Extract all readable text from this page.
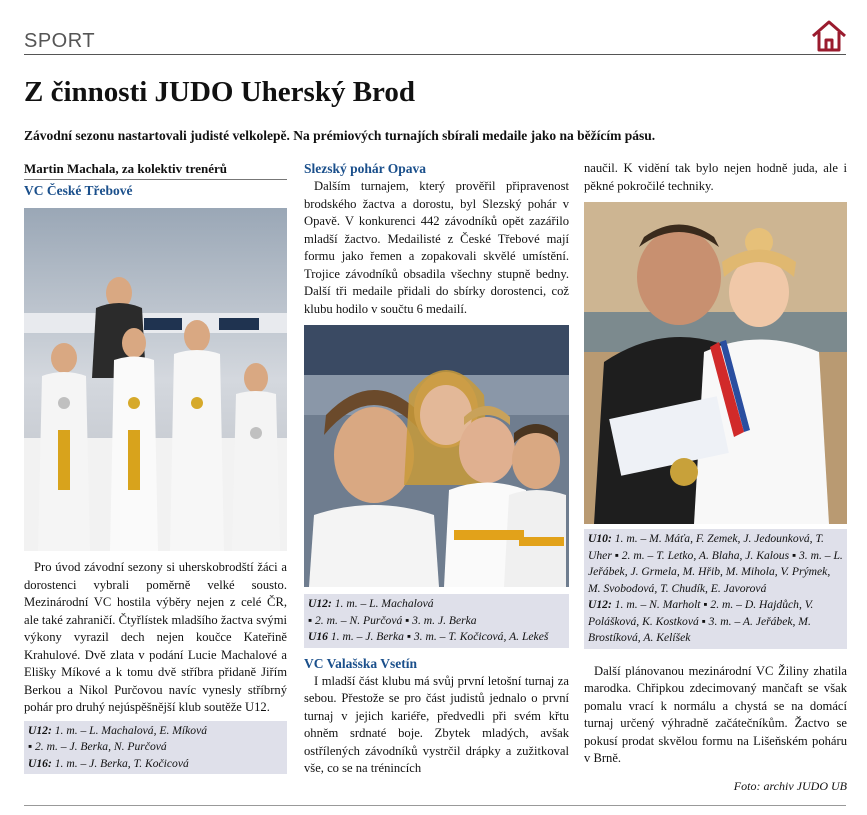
SPORT
Z činnosti JUDO Uherský Brod
Závodní sezonu nastartovali judisté velkolepě. Na prémiových turnajích sbírali medaile jako na běžícím pásu.
Martin Machala, za kolektiv trenérů
VC České Třebové

Pro úvod závodní sezony si uherskobrodští žáci a dorostenci vybrali poměrně velké sousto. Mezinárodní VC hostila výběry nejen z celé ČR, ale také zahraničí. Čtyřlístek mladšího žactva svými výkony vyrazil dech nejen koučce Kateřině Krahulové. Dvě zlata v podání Lucie Machalové a Elišky Míkové a k tomu dvě stříbra přidaně Jiřím Berkou a Nikol Purčovou navíc vynesly stříbrný pohár pro druhý nejúspěšnější klub soutěže U12.

U12: 1. m. – L. Machalová, E. Míková
▪ 2. m. – J. Berka, N. Purčová
U16: 1. m. – J. Berka, T. Kočicová
Slezský pohár Opava

Dalším turnajem, který prověřil připravenost brodského žactva a dorostu, byl Slezský pohár v Opavě. V konkurenci 442 závodníků opět zazářilo mladší žactvo. Medailisté z České Třebové mají formu jako řemen a zopakovali skvělé umístění. Trojice závodníků obsadila všechny stupně bedny. Další tři medaile přidali do sbírky dorostenci, což klubu hodilo v součtu 6 medailí.

U12: 1. m. – L. Machalová
▪ 2. m. – N. Purčová ▪ 3. m. J. Berka
U16 1. m. – J. Berka ▪ 3. m. – T. Kočicová, A. Lekeš
VC Valašska Vsetín

I mladší část klubu má svůj první letošní turnaj za sebou. Přestože se pro část judistů jednalo o první turnaj v jejich kariéře, předvedli při svém křtu ohněm srdnaté boje. Zbytek mladých, avšak ostřílených závodníků vystrčil drápky a zužitkoval vše, co se na trénincích

naučil. K vidění tak bylo nejen hodně juda, ale i pěkné pokročilé techniky.

U10: 1. m. – M. Máťa, F. Zemek, J. Jedounková, T. Uher ▪ 2. m. – T. Letko, A. Blaha, J. Kalous ▪ 3. m. – L. Jeřábek, J. Grmela, M. Hřib, M. Mihola, V. Prýmek, M. Svobodová, T. Chudík, E. Javorová
U12: 1. m. – N. Marholt ▪ 2. m. – D. Hajdůch, V. Polášková, K. Kostková ▪ 3. m. – A. Jeřábek, M. Brostíková, A. Kelíšek

Další plánovanou mezinárodní VC Žiliny zhatila marodka. Chřipkou zdecimovaný mančaft se však pomalu vrací k normálu a chystá se na domácí turnaj určený výhradně začátečníkům. Žactvo se pokusí prodat skvělou formu na Lišeňském poháru v Brně.

Foto: archiv JUDO UB
